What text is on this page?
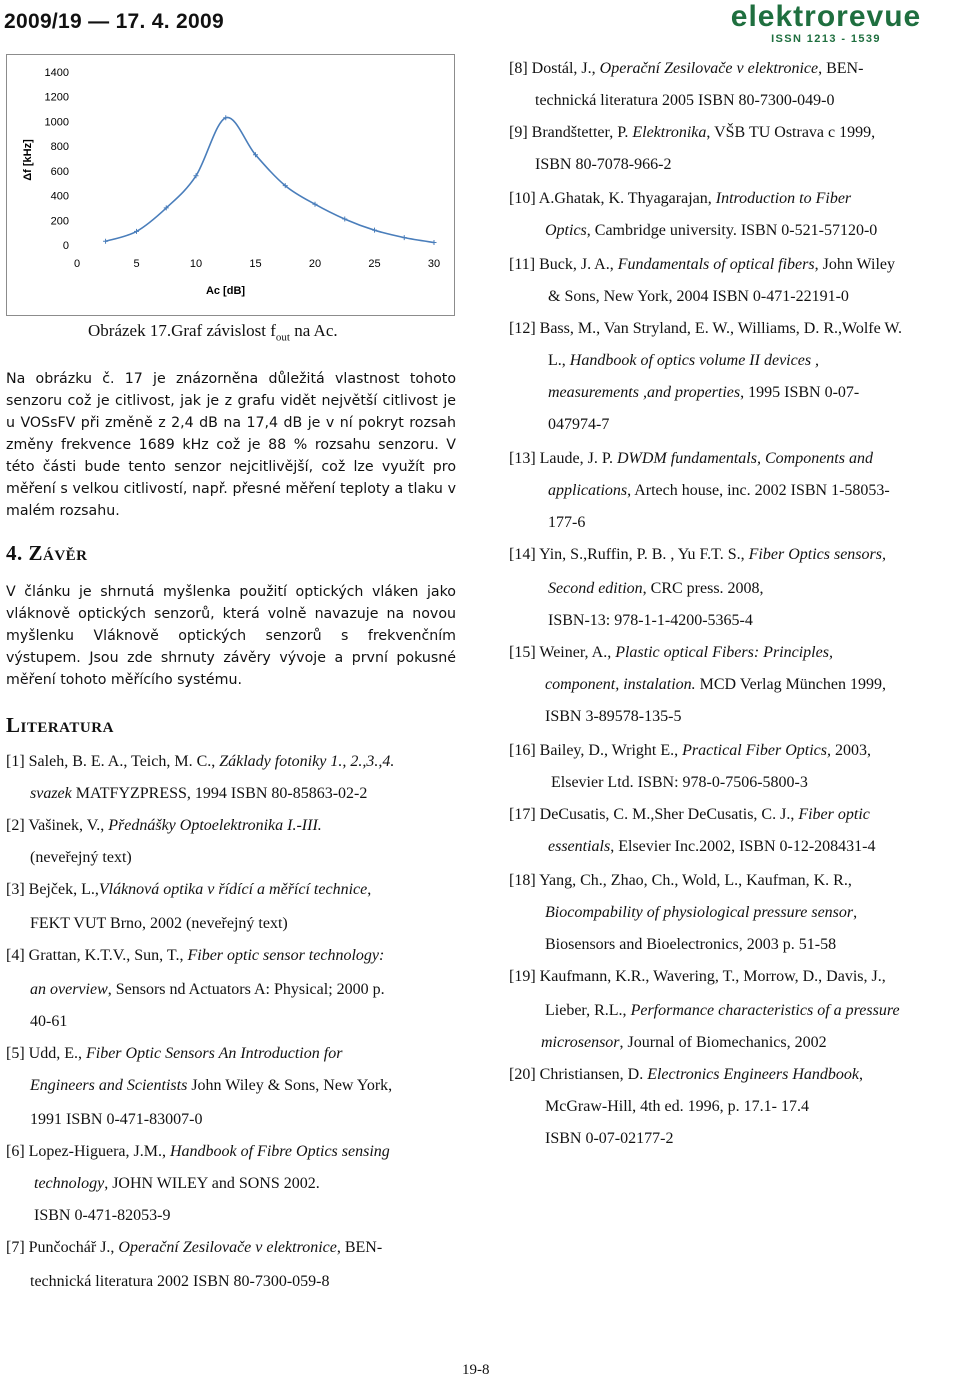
2009/19 — 17. 4. 2009	elektrorevue
ISSN 1213 - 1539
0
200
400
600
800
1000
1200
1400
0	5	10	15	20	25	30
Ac [dB]
Δf [kHz]
Obrázek 17.Graf závislost $f_{out}$ na Ac.

Na obrázku č. 17 je znázorněna důležitá vlastnost tohoto senzoru což je citlivost, jak je z grafu vidět největší citlivost je u VOSsFV při změně z 2,4 dB na 17,4 dB je v ní pokryt rozsah změny frekvence 1689 kHz což je 88 % rozsahu senzoru. V této části bude tento senzor nejcitlivější, což lze využít pro měření s velkou citlivostí, např. přesné měření teploty a tlaku v malém rozsahu.

4. Závěr

V článku je shrnutá myšlenka použití optických vláken jako vláknově optických senzorů, která volně navazuje na novou myšlenku Vláknově optických senzorů s frekvenčním výstupem. Jsou zde shrnuty závěry vývoje a první pokusné měření tohoto měřícího systému.

Literatura
[1] Saleh, B. E. A., Teich, M. C., Základy fotoniky 1., 2.,3.,4.
svazek MATFYZPRESS, 1994 ISBN 80-85863-02-2
[2] Vašinek, V., Přednášky Optoelektronika I.-III.
(neveřejný text)
[3] Bejček, L.,Vláknová optika v řídící a měřící technice,
FEKT VUT Brno, 2002 (neveřejný text)
[4] Grattan, K.T.V., Sun, T., Fiber optic sensor technology:
an overview, Sensors nd Actuators A: Physical; 2000 p.
40-61
[5] Udd, E., Fiber Optic Sensors An Introduction for
Engineers and Scientists John Wiley & Sons, New York,
1991 ISBN 0-471-83007-0
[6] Lopez-Higuera, J.M., Handbook of Fibre Optics sensing
technology, JOHN WILEY and SONS 2002.
ISBN 0-471-82053-9
[7] Punčochář J., Operační Zesilovače v elektronice, BEN-
technická literatura 2002 ISBN 80-7300-059-8
[8] Dostál, J., Operační Zesilovače v elektronice, BEN-
technická literatura 2005 ISBN 80-7300-049-0
[9] Brandštetter, P. Elektronika, VŠB TU Ostrava c 1999,
ISBN 80-7078-966-2
[10] A.Ghatak, K. Thyagarajan, Introduction to Fiber
Optics, Cambridge university. ISBN 0-521-57120-0
[11] Buck, J. A., Fundamentals of optical fibers, John Wiley
& Sons, New York, 2004 ISBN 0-471-22191-0
[12] Bass, M., Van Stryland, E. W., Williams, D. R.,Wolfe W.
L., Handbook of optics volume II devices ,
measurements ,and properties, 1995 ISBN 0-07-
047974-7
[13] Laude, J. P. DWDM fundamentals, Components and
applications, Artech house, inc. 2002 ISBN 1-58053-
177-6
[14] Yin, S.,Ruffin, P. B. , Yu F.T. S., Fiber Optics sensors,
Second edition, CRC press. 2008,
ISBN-13: 978-1-1-4200-5365-4
[15] Weiner, A., Plastic optical Fibers: Principles,
component, instalation. MCD Verlag München 1999,
ISBN 3-89578-135-5
[16] Bailey, D., Wright E., Practical Fiber Optics, 2003,
Elsevier Ltd. ISBN: 978-0-7506-5800-3
[17] DeCusatis, C. M.,Sher DeCusatis, C. J., Fiber optic
essentials, Elsevier Inc.2002, ISBN 0-12-208431-4
[18] Yang, Ch., Zhao, Ch., Wold, L., Kaufman, K. R.,
Biocompability of physiological pressure sensor,
Biosensors and Bioelectronics, 2003 p. 51-58
[19] Kaufmann, K.R., Wavering, T., Morrow, D., Davis, J.,
Lieber, R.L., Performance characteristics of a pressure
microsensor, Journal of Biomechanics, 2002
[20] Christiansen, D. Electronics Engineers Handbook,
McGraw-Hill, 4th ed. 1996, p. 17.1- 17.4
ISBN 0-07-02177-2
19-8
